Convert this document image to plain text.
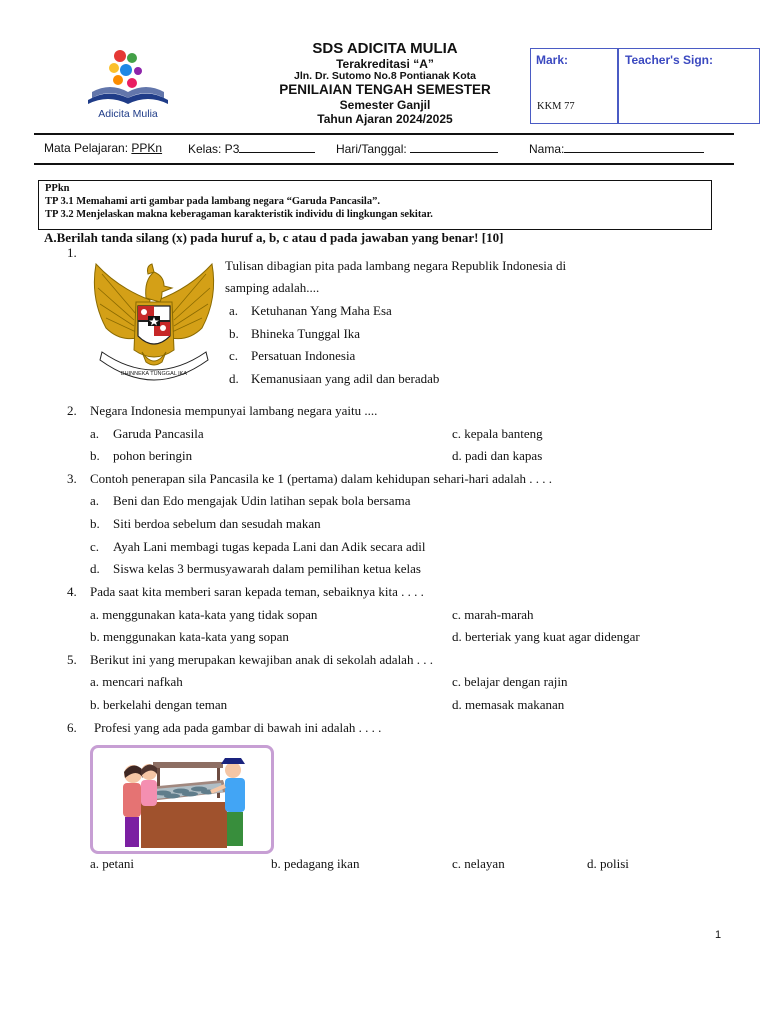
Adicita Mulia
SDS ADICITA MULIA
Terakreditasi “A”
Jln. Dr. Sutomo No.8 Pontianak Kota
PENILAIAN TENGAH SEMESTER
Semester Ganjil
Tahun Ajaran 2024/2025
Mark:	Teacher's Sign:
KKM 77
Mata Pelajaran: PPKn Kelas: P3	Hari/Tanggal:	Nama:
PPkn
TP 3.1 Memahami arti gambar pada lambang negara “Garuda Pancasila”.
TP 3.2 Menjelaskan makna keberagaman karakteristik individu di lingkungan sekitar.
A.Berilah tanda silang (x) pada huruf a, b, c atau d pada jawaban yang benar! [10]
1.
BHINNEKA TUNGGAL IKA
Tulisan dibagian pita pada lambang negara Republik Indonesia di
samping adalah....
a. Ketuhanan Yang Maha Esa
b. Bhineka Tunggal Ika
c. Persatuan Indonesia
d. Kemanusiaan yang adil dan beradab
2. Negara Indonesia mempunyai lambang negara yaitu ....
a. Garuda Pancasila
b. pohon beringin
c. kepala banteng
d. padi dan kapas
3. Contoh penerapan sila Pancasila ke 1 (pertama) dalam kehidupan sehari-hari adalah . . . .
a. Beni dan Edo mengajak Udin latihan sepak bola bersama
b. Siti berdoa sebelum dan sesudah makan
c. Ayah Lani membagi tugas kepada Lani dan Adik secara adil
d. Siswa kelas 3 bermusyawarah dalam pemilihan ketua kelas
4. Pada saat kita memberi saran kepada teman, sebaiknya kita . . . .
a. menggunakan kata-kata yang tidak sopan
b. menggunakan kata-kata yang sopan
c. marah-marah
d. berteriak yang kuat agar didengar
5. Berikut ini yang merupakan kewajiban anak di sekolah adalah . . .
a. mencari nafkah
b. berkelahi dengan teman
c. belajar dengan rajin
d. memasak makanan
6. Profesi yang ada pada gambar di bawah ini adalah . . . .
a. petani	b. pedagang ikan	c. nelayan	d. polisi
1
